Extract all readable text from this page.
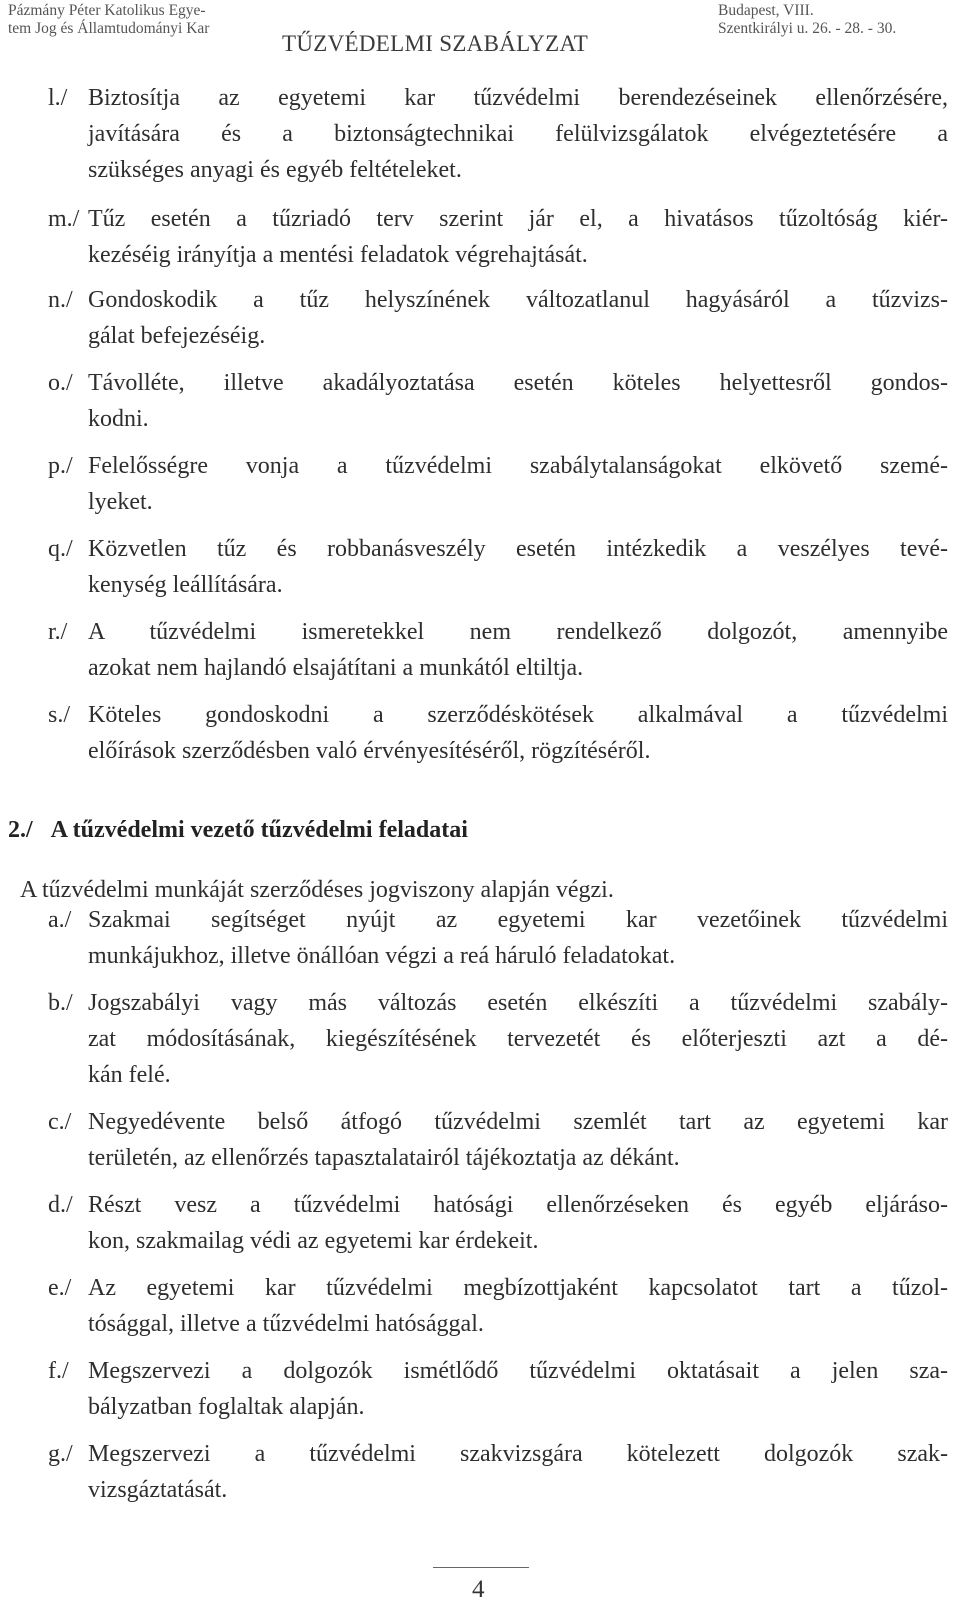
Pázmány Péter Katolikus Egye-
tem Jog és Államtudományi Kar
TŰZVÉDELMI SZABÁLYZAT
Budapest, VIII.
Szentkirályi u. 26. - 28. - 30.
l./ Biztosítja az egyetemi kar tűzvédelmi berendezéseinek ellenőrzésére,
javítására és a biztonságtechnikai felülvizsgálatok elvégeztetésére a
szükséges anyagi és egyéb feltételeket.
m./ Tűz esetén a tűzriadó terv szerint jár el, a hivatásos tűzoltóság kiér-
kezéséig irányítja a mentési feladatok végrehajtását.
n./ Gondoskodik a tűz helyszínének változatlanul hagyásáról a tűzvizs-
gálat befejezéséig.
o./ Távolléte, illetve akadályoztatása esetén köteles helyettesről gondos-
kodni.
p./ Felelősségre vonja a tűzvédelmi szabálytalanságokat elkövető szemé-
lyeket.
q./ Közvetlen tűz és robbanásveszély esetén intézkedik a veszélyes tevé-
kenység leállítására.
r./ A tűzvédelmi ismeretekkel nem rendelkező dolgozót, amennyibe
azokat nem hajlandó elsajátítani a munkától eltiltja.
s./ Köteles gondoskodni a szerződéskötések alkalmával a tűzvédelmi
előírások szerződésben való érvényesítéséről, rögzítéséről.
2./ A tűzvédelmi vezető tűzvédelmi feladatai
A tűzvédelmi munkáját szerződéses jogviszony alapján végzi.
a./ Szakmai segítséget nyújt az egyetemi kar vezetőinek tűzvédelmi
munkájukhoz, illetve önállóan végzi a reá háruló feladatokat.
b./ Jogszabályi vagy más változás esetén elkészíti a tűzvédelmi szabály-
zat módosításának, kiegészítésének tervezetét és előterjeszti azt a dé-
kán felé.
c./ Negyedévente belső átfogó tűzvédelmi szemlét tart az egyetemi kar
területén, az ellenőrzés tapasztalatairól tájékoztatja az dékánt.
d./ Részt vesz a tűzvédelmi hatósági ellenőrzéseken és egyéb eljáráso-
kon, szakmailag védi az egyetemi kar érdekeit.
e./ Az egyetemi kar tűzvédelmi megbízottjaként kapcsolatot tart a tűzol-
tósággal, illetve a tűzvédelmi hatósággal.
f./ Megszervezi a dolgozók ismétlődő tűzvédelmi oktatásait a jelen sza-
bályzatban foglaltak alapján.
g./ Megszervezi a tűzvédelmi szakvizsgára kötelezett dolgozók szak-
vizsgáztatását.
4
